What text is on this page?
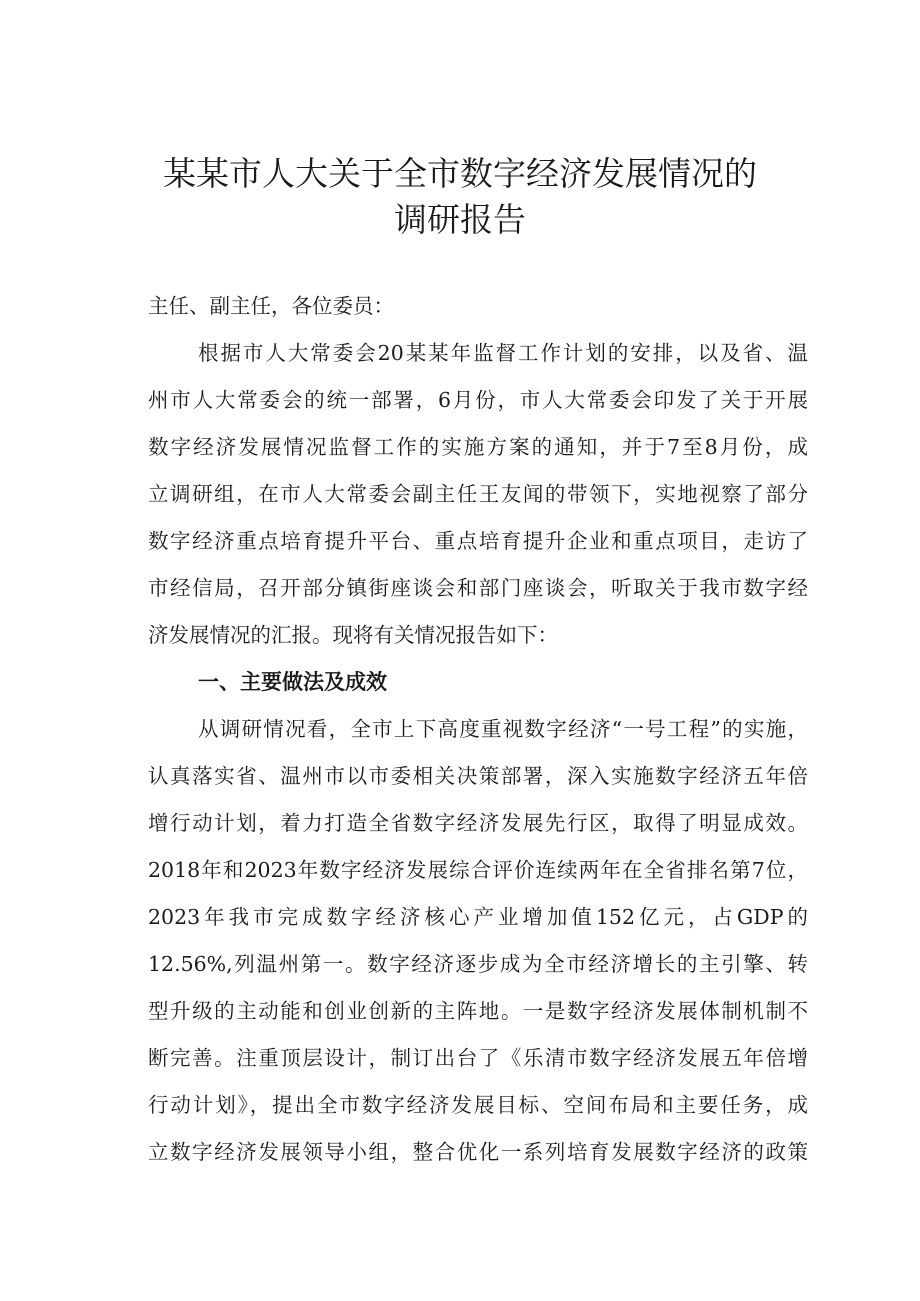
某某市人大关于全市数字经济发展情况的
调研报告
主任、副主任，各位委员：
根据市人大常委会20某某年监督工作计划的安排，以及省、温
州市人大常委会的统一部署，6月份，市人大常委会印发了关于开展
数字经济发展情况监督工作的实施方案的通知，并于7至8月份，成
立调研组，在市人大常委会副主任王友闻的带领下，实地视察了部分
数字经济重点培育提升平台、重点培育提升企业和重点项目，走访了
市经信局，召开部分镇街座谈会和部门座谈会，听取关于我市数字经
济发展情况的汇报。现将有关情况报告如下：
一、主要做法及成效
从调研情况看，全市上下高度重视数字经济“一号工程”的实施，
认真落实省、温州市以市委相关决策部署，深入实施数字经济五年倍
增行动计划，着力打造全省数字经济发展先行区，取得了明显成效。
2018年和2023年数字经济发展综合评价连续两年在全省排名第7位，
2023年我市完成数字经济核心产业增加值152亿元，占GDP的
12.56%,列温州第一。数字经济逐步成为全市经济增长的主引擎、转
型升级的主动能和创业创新的主阵地。一是数字经济发展体制机制不
断完善。注重顶层设计，制订出台了《乐清市数字经济发展五年倍增
行动计划》，提出全市数字经济发展目标、空间布局和主要任务，成
立数字经济发展领导小组，整合优化一系列培育发展数字经济的政策
